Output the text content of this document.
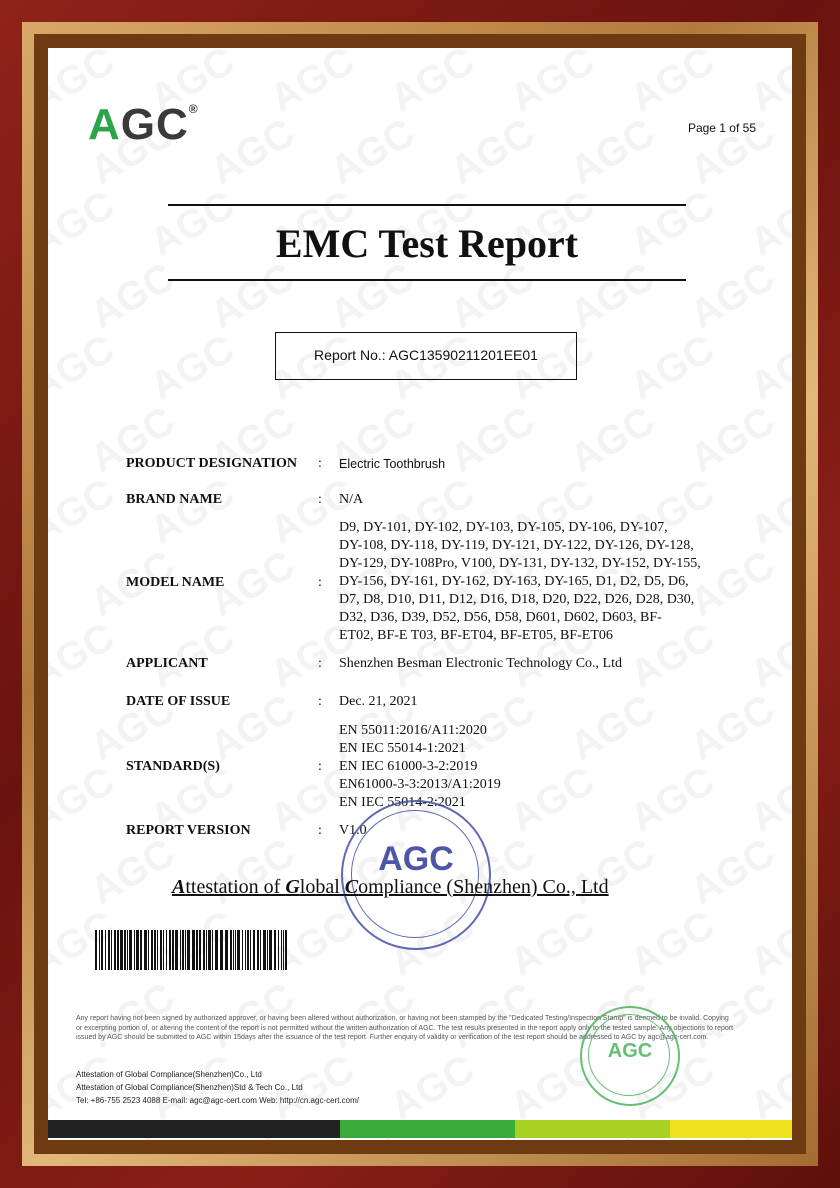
AGC®
Page 1 of 55
EMC Test Report
Report No.: AGC13590211201EE01
PRODUCT DESIGNATION : Electric Toothbrush
BRAND NAME	: N/A
MODEL NAME	:
D9, DY-101, DY-102, DY-103, DY-105, DY-106, DY-107,
DY-108, DY-118, DY-119, DY-121, DY-122, DY-126, DY-128,
DY-129, DY-108Pro, V100, DY-131, DY-132, DY-152, DY-155,
DY-156, DY-161, DY-162, DY-163, DY-165, D1, D2, D5, D6,
D7, D8, D10, D11, D12, D16, D18, D20, D22, D26, D28, D30,
D32, D36, D39, D52, D56, D58, D601, D602, D603, BF-
ET02, BF-E T03, BF-ET04, BF-ET05, BF-ET06
APPLICANT	: Shenzhen Besman Electronic Technology Co., Ltd
DATE OF ISSUE	: Dec. 21, 2021
STANDARD(S)	:
EN 55011:2016/A11:2020
EN IEC 55014-1:2021
EN IEC 61000-3-2:2019
EN61000-3-3:2013/A1:2019
EN IEC 55014-2:2021
REPORT VERSION	: V1.0
AGC
Attestation of Global Compliance (Shenzhen) Co., Ltd
Any report having not been signed by authorized approver, or having been altered without authorization, or having not been stamped by the "Dedicated Testing/Inspection Stamp" is deemed to be invalid. Copying or excerpting portion of, or altering the content of the report is not permitted without the written authorization of AGC. The test results presented in the report apply only to the tested sample. Any objections to report issued by AGC should be submitted to AGC within 15days after the issuance of the test report. Further enquiry of validity or verification of the test report should be addressed to AGC by agc@agc-cert.com.
Attestation of Global Compliance(Shenzhen)Co., Ltd
Attestation of Global Compliance(Shenzhen)Std & Tech Co., Ltd
Tel: +86-755 2523 4088 E-mail: agc@agc-cert.com Web: http://cn.agc-cert.com/
AGC
